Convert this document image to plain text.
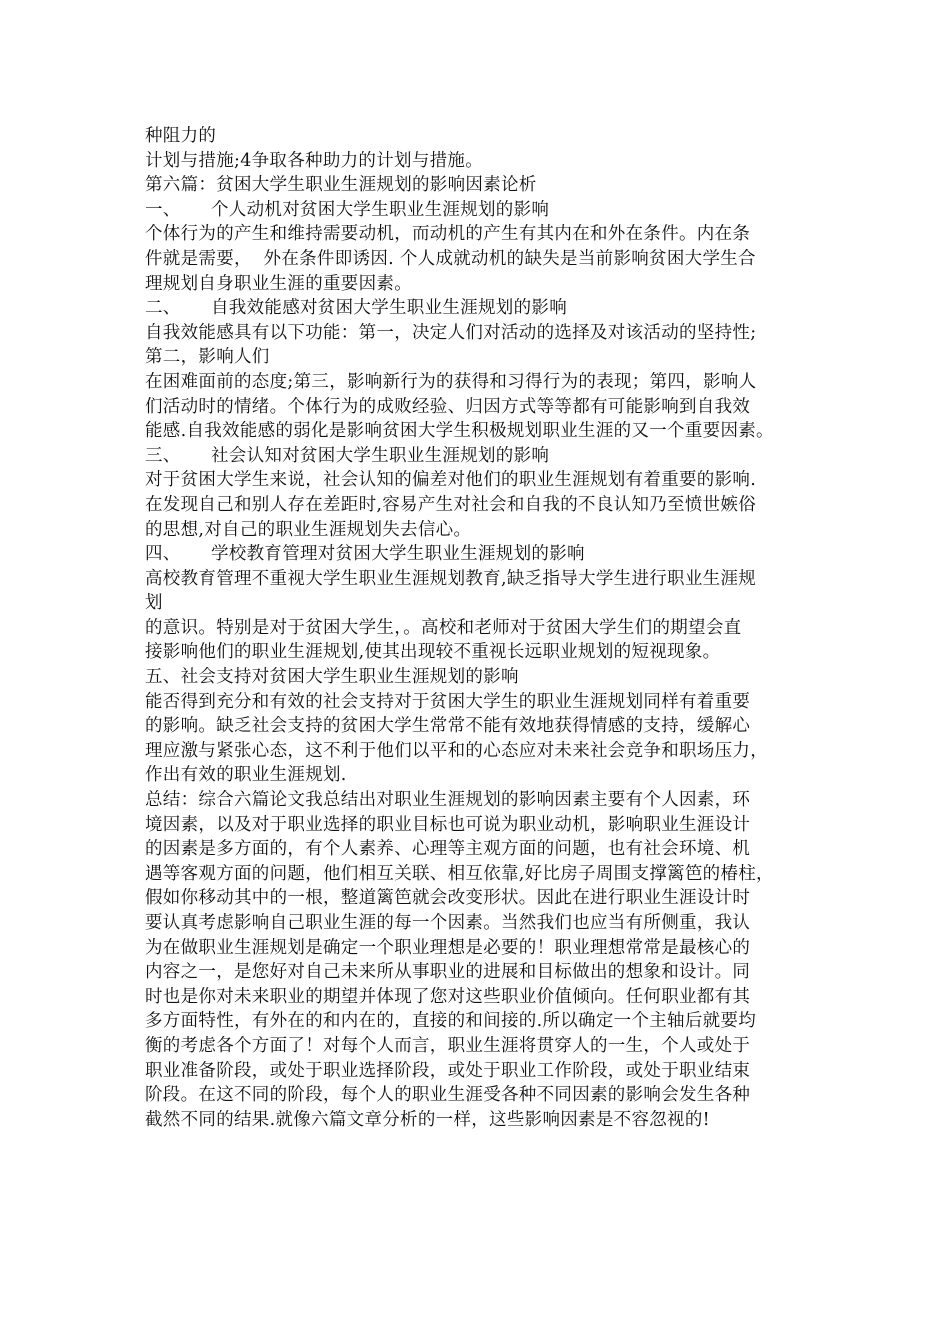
种阻力的
计划与措施;4争取各种助力的计划与措施。
第六篇：贫困大学生职业生涯规划的影响因素论析
一、 个人动机对贫困大学生职业生涯规划的影响
个体行为的产生和维持需要动机，而动机的产生有其内在和外在条件。内在条
件就是需要，  外在条件即诱因. 个人成就动机的缺失是当前影响贫困大学生合
理规划自身职业生涯的重要因素。
二、 自我效能感对贫困大学生职业生涯规划的影响
自我效能感具有以下功能：第一，决定人们对活动的选择及对该活动的坚持性;
第二，影响人们
在困难面前的态度;第三，影响新行为的获得和习得行为的表现；第四，影响人
们活动时的情绪。个体行为的成败经验、归因方式等等都有可能影响到自我效
能感.自我效能感的弱化是影响贫困大学生积极规划职业生涯的又一个重要因素。
三、 社会认知对贫困大学生职业生涯规划的影响
对于贫困大学生来说，社会认知的偏差对他们的职业生涯规划有着重要的影响.
在发现自己和别人存在差距时,容易产生对社会和自我的不良认知乃至愤世嫉俗
的思想,对自己的职业生涯规划失去信心。
四、 学校教育管理对贫困大学生职业生涯规划的影响
高校教育管理不重视大学生职业生涯规划教育,缺乏指导大学生进行职业生涯规
划
的意识。特别是对于贫困大学生，。高校和老师对于贫困大学生们的期望会直
接影响他们的职业生涯规划,使其出现较不重视长远职业规划的短视现象。
五、社会支持对贫困大学生职业生涯规划的影响
能否得到充分和有效的社会支持对于贫困大学生的职业生涯规划同样有着重要
的影响。缺乏社会支持的贫困大学生常常不能有效地获得情感的支持，缓解心
理应激与紧张心态，这不利于他们以平和的心态应对未来社会竞争和职场压力，
作出有效的职业生涯规划.
总结：综合六篇论文我总结出对职业生涯规划的影响因素主要有个人因素，环
境因素，以及对于职业选择的职业目标也可说为职业动机，影响职业生涯设计
的因素是多方面的，有个人素养、心理等主观方面的问题，也有社会环境、机
遇等客观方面的问题，他们相互关联、相互依靠,好比房子周围支撑篱笆的椿柱，
假如你移动其中的一根，整道篱笆就会改变形状。因此在进行职业生涯设计时
要认真考虑影响自己职业生涯的每一个因素。当然我们也应当有所侧重，我认
为在做职业生涯规划是确定一个职业理想是必要的！职业理想常常是最核心的
内容之一，是您好对自己未来所从事职业的进展和目标做出的想象和设计。同
时也是你对未来职业的期望并体现了您对这些职业价值倾向。任何职业都有其
多方面特性，有外在的和内在的，直接的和间接的.所以确定一个主轴后就要均
衡的考虑各个方面了！对每个人而言，职业生涯将贯穿人的一生，个人或处于
职业准备阶段，或处于职业选择阶段，或处于职业工作阶段，或处于职业结束
阶段。在这不同的阶段，每个人的职业生涯受各种不同因素的影响会发生各种
截然不同的结果.就像六篇文章分析的一样，这些影响因素是不容忽视的!
